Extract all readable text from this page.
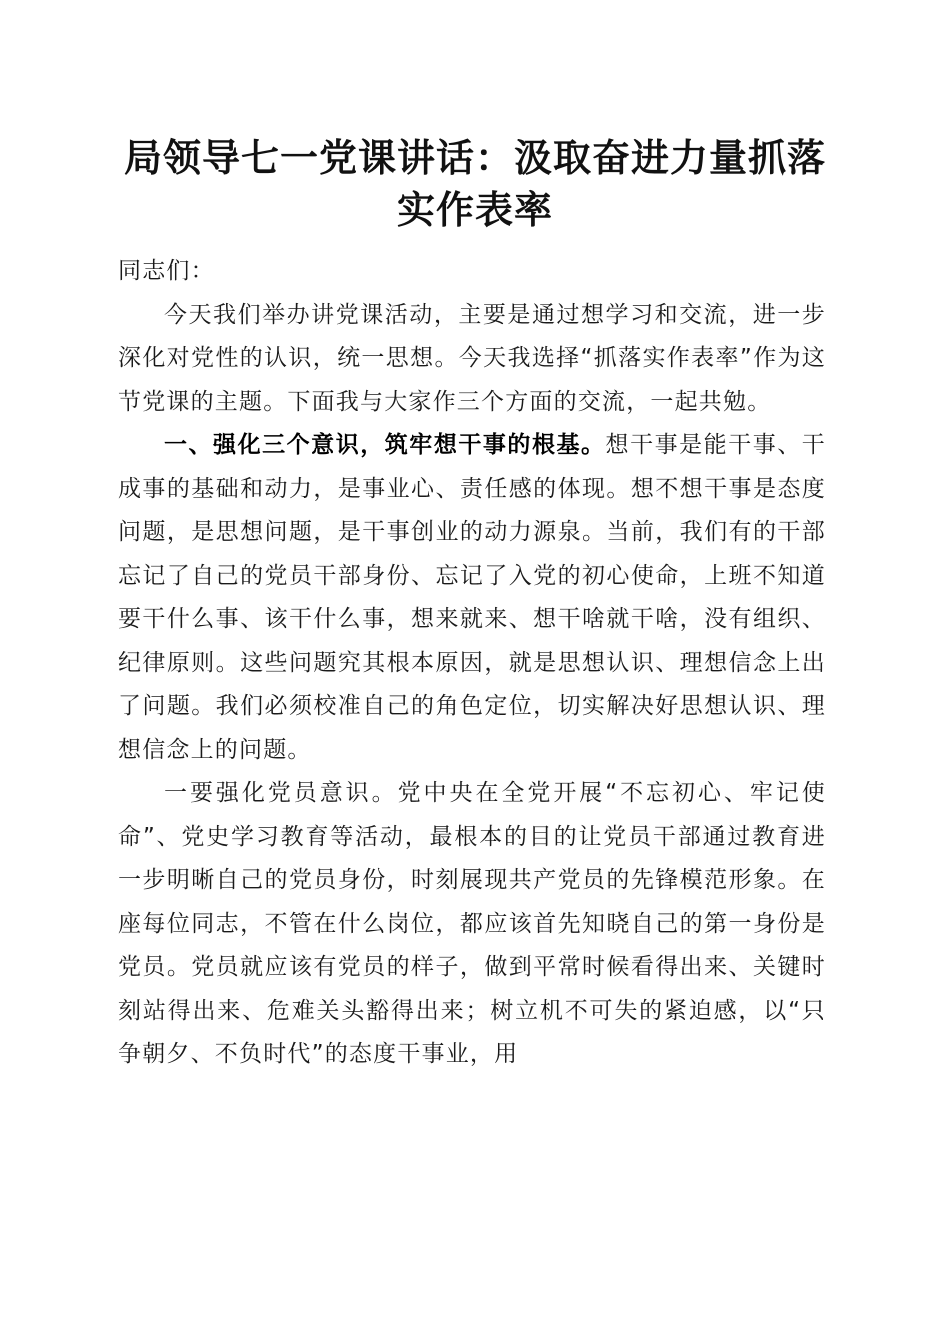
局领导七一党课讲话：汲取奋进力量抓落实作表率

同志们：

今天我们举办讲党课活动，主要是通过想学习和交流，进一步深化对党性的认识，统一思想。今天我选择“抓落实作表率”作为这节党课的主题。下面我与大家作三个方面的交流，一起共勉。

一、强化三个意识，筑牢想干事的根基。想干事是能干事、干成事的基础和动力，是事业心、责任感的体现。想不想干事是态度问题，是思想问题，是干事创业的动力源泉。当前，我们有的干部忘记了自己的党员干部身份、忘记了入党的初心使命，上班不知道要干什么事、该干什么事，想来就来、想干啥就干啥，没有组织、纪律原则。这些问题究其根本原因，就是思想认识、理想信念上出了问题。我们必须校准自己的角色定位，切实解决好思想认识、理想信念上的问题。

一要强化党员意识。党中央在全党开展“不忘初心、牢记使命”、党史学习教育等活动，最根本的目的让党员干部通过教育进一步明晰自己的党员身份，时刻展现共产党员的先锋模范形象。在座每位同志，不管在什么岗位，都应该首先知晓自己的第一身份是党员。党员就应该有党员的样子，做到平常时候看得出来、关键时刻站得出来、危难关头豁得出来；树立机不可失的紧迫感，以“只争朝夕、不负时代”的态度干事业，用
